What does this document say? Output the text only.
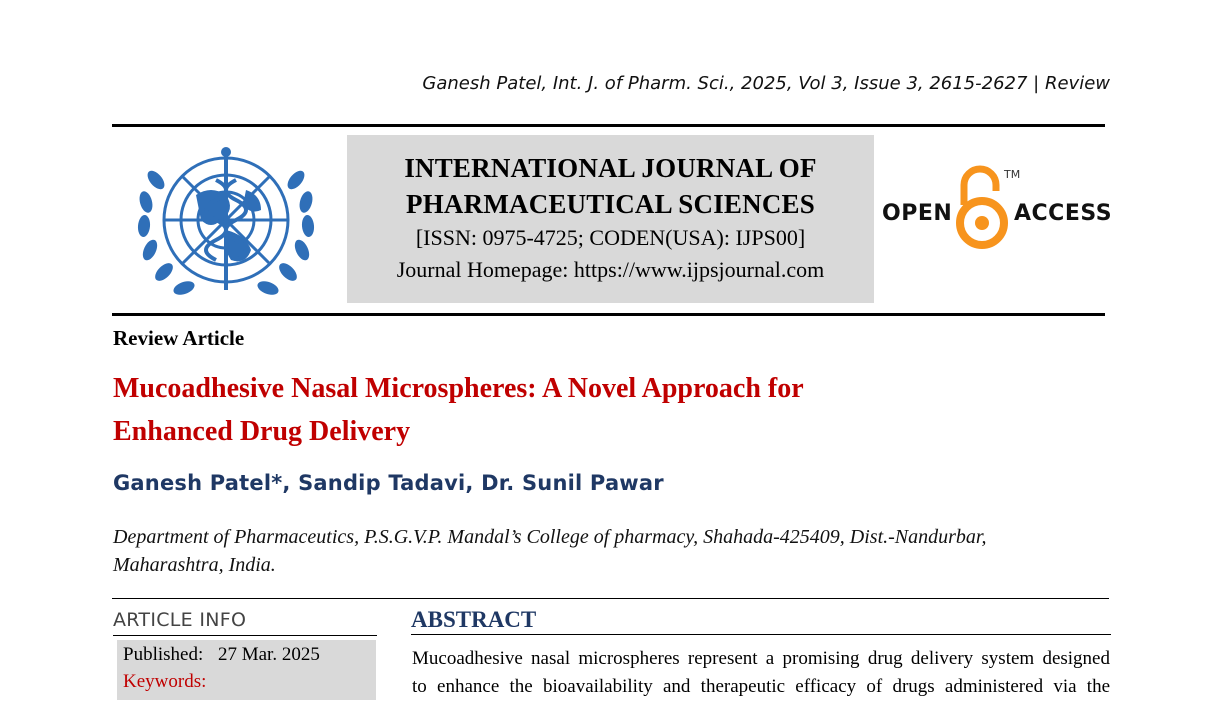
Ganesh Patel, Int. J. of Pharm. Sci., 2025, Vol 3, Issue 3, 2615-2627 | Review
INTERNATIONAL JOURNAL OF
PHARMACEUTICAL SCIENCES
[ISSN: 0975-4725; CODEN(USA): IJPS00]
Journal Homepage: https://www.ijpsjournal.com
OPEN
TM
ACCESS
Review Article
Mucoadhesive Nasal Microspheres: A Novel Approach for
Enhanced Drug Delivery
Ganesh Patel*, Sandip Tadavi, Dr. Sunil Pawar
Department of Pharmaceutics, P.S.G.V.P. Mandal’s College of pharmacy, Shahada-425409, Dist.-Nandurbar,
Maharashtra, India.
ARTICLE INFO
Published: 27 Mar. 2025
Keywords:
ABSTRACT
Mucoadhesive nasal microspheres represent a promising drug delivery system designed
to enhance the bioavailability and therapeutic efficacy of drugs administered via the
